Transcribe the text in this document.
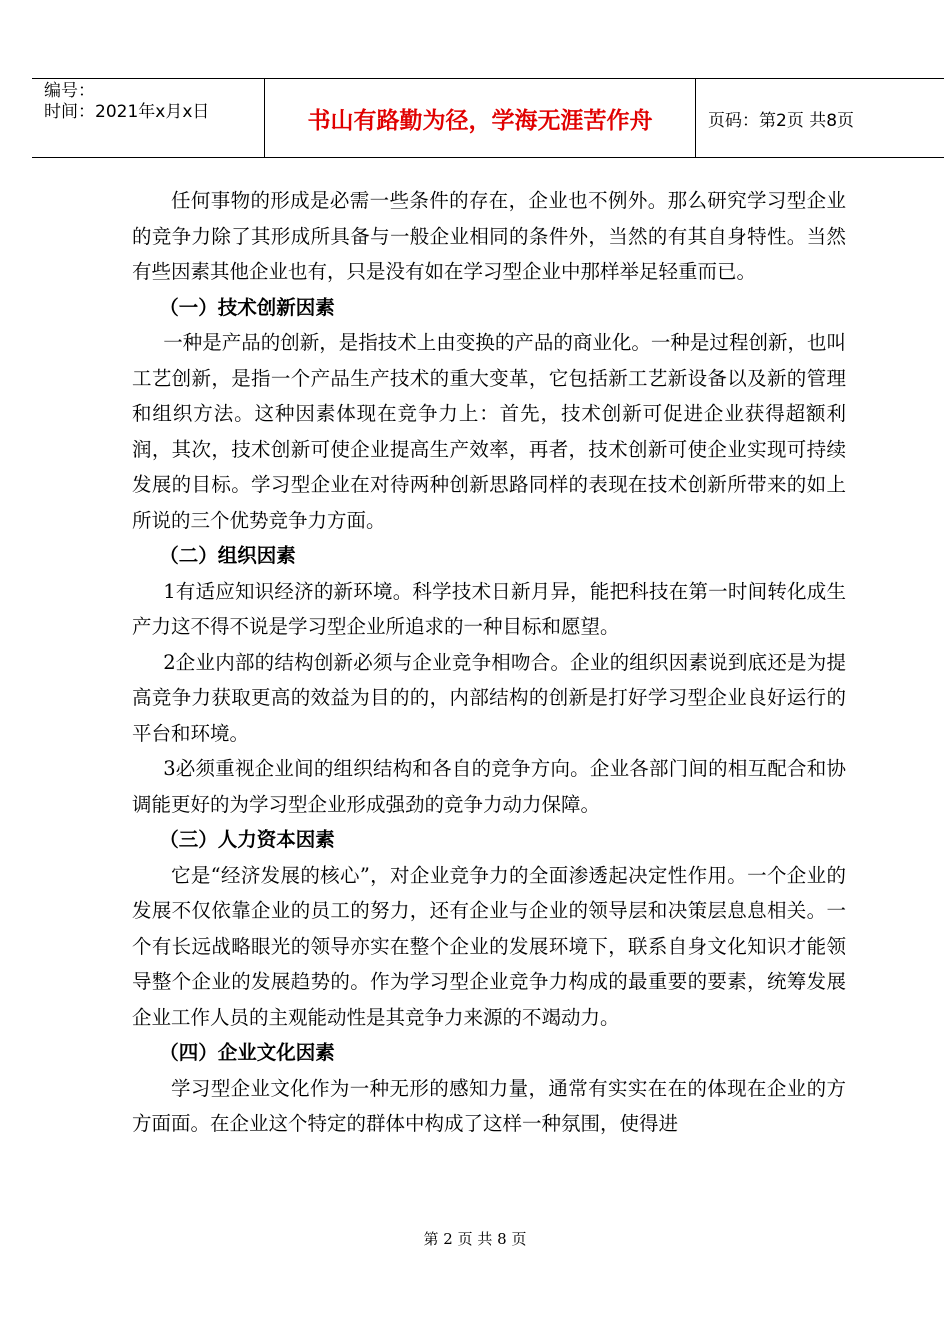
编号：
时间：2021年x月x日	书山有路勤为径，学海无涯苦作舟	页码：第2页 共8页

任何事物的形成是必需一些条件的存在，企业也不例外。那么研究学习型企业的竞争力除了其形成所具备与一般企业相同的条件外，当然的有其自身特性。当然有些因素其他企业也有，只是没有如在学习型企业中那样举足轻重而已。

（一）技术创新因素

一种是产品的创新，是指技术上由变换的产品的商业化。一种是过程创新，也叫工艺创新，是指一个产品生产技术的重大变革，它包括新工艺新设备以及新的管理和组织方法。这种因素体现在竞争力上：首先，技术创新可促进企业获得超额利润，其次，技术创新可使企业提高生产效率，再者，技术创新可使企业实现可持续发展的目标。学习型企业在对待两种创新思路同样的表现在技术创新所带来的如上所说的三个优势竞争力方面。

（二）组织因素

1有适应知识经济的新环境。科学技术日新月异，能把科技在第一时间转化成生产力这不得不说是学习型企业所追求的一种目标和愿望。

2企业内部的结构创新必须与企业竞争相吻合。企业的组织因素说到底还是为提高竞争力获取更高的效益为目的的，内部结构的创新是打好学习型企业良好运行的平台和环境。

3必须重视企业间的组织结构和各自的竞争方向。企业各部门间的相互配合和协调能更好的为学习型企业形成强劲的竞争力动力保障。

（三）人力资本因素

它是“经济发展的核心”，对企业竞争力的全面渗透起决定性作用。一个企业的发展不仅依靠企业的员工的努力，还有企业与企业的领导层和决策层息息相关。一个有长远战略眼光的领导亦实在整个企业的发展环境下，联系自身文化知识才能领导整个企业的发展趋势的。作为学习型企业竞争力构成的最重要的要素，统筹发展企业工作人员的主观能动性是其竞争力来源的不竭动力。

（四）企业文化因素

学习型企业文化作为一种无形的感知力量，通常有实实在在的体现在企业的方方面面。在企业这个特定的群体中构成了这样一种氛围，使得进

第 2 页 共 8 页
